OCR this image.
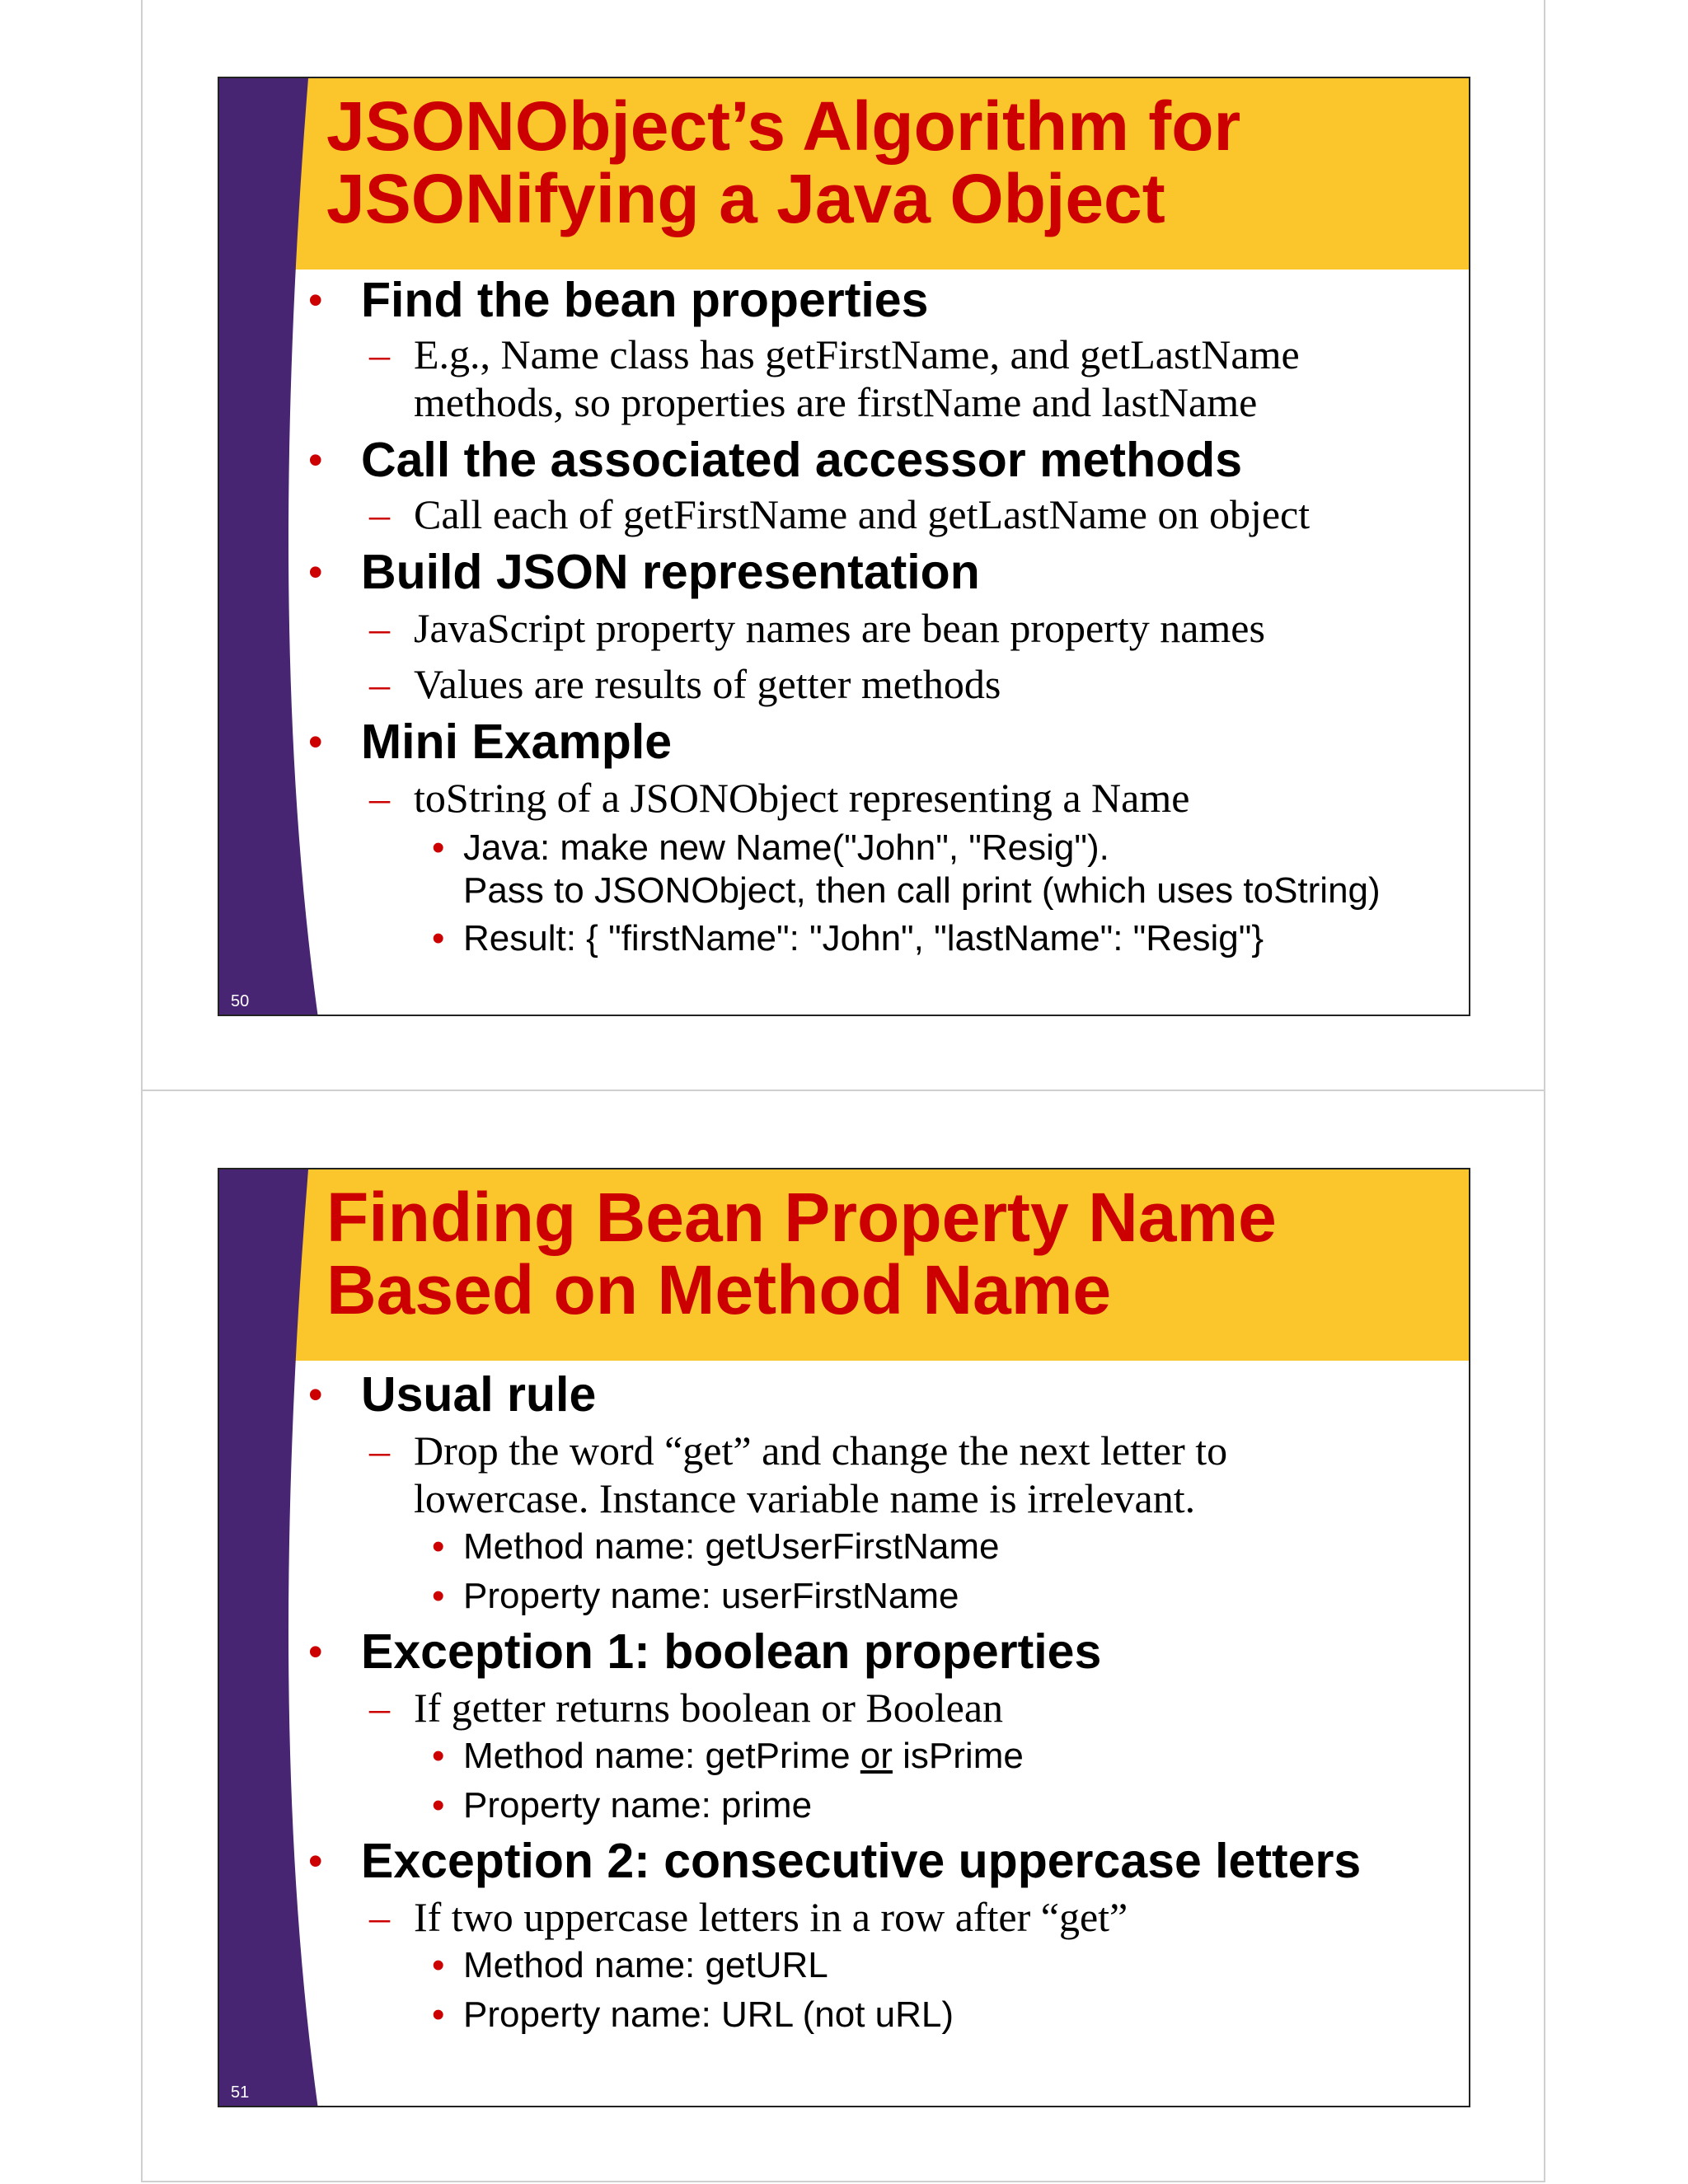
JSONObject’s Algorithm for
JSONifying a Java Object
• Find the bean properties
– E.g., Name class has getFirstName, and getLastName methods, so properties are firstName and lastName
• Call the associated accessor methods
– Call each of getFirstName and getLastName on object
• Build JSON representation
– JavaScript property names are bean property names
– Values are results of getter methods
• Mini Example
– toString of a JSONObject representing a Name
• Java: make new Name("John", "Resig").
Pass to JSONObject, then call print (which uses toString)
• Result: { "firstName": "John", "lastName": "Resig"}
50
Finding Bean Property Name
Based on Method Name
• Usual rule
– Drop the word “get” and change the next letter to
lowercase. Instance variable name is irrelevant.
• Method name: getUserFirstName
• Property name: userFirstName
• Exception 1: boolean properties
– If getter returns boolean or Boolean
• Method name: getPrime or isPrime
• Property name: prime
• Exception 2: consecutive uppercase letters
– If two uppercase letters in a row after “get”
• Method name: getURL
• Property name: URL (not uRL)
51
